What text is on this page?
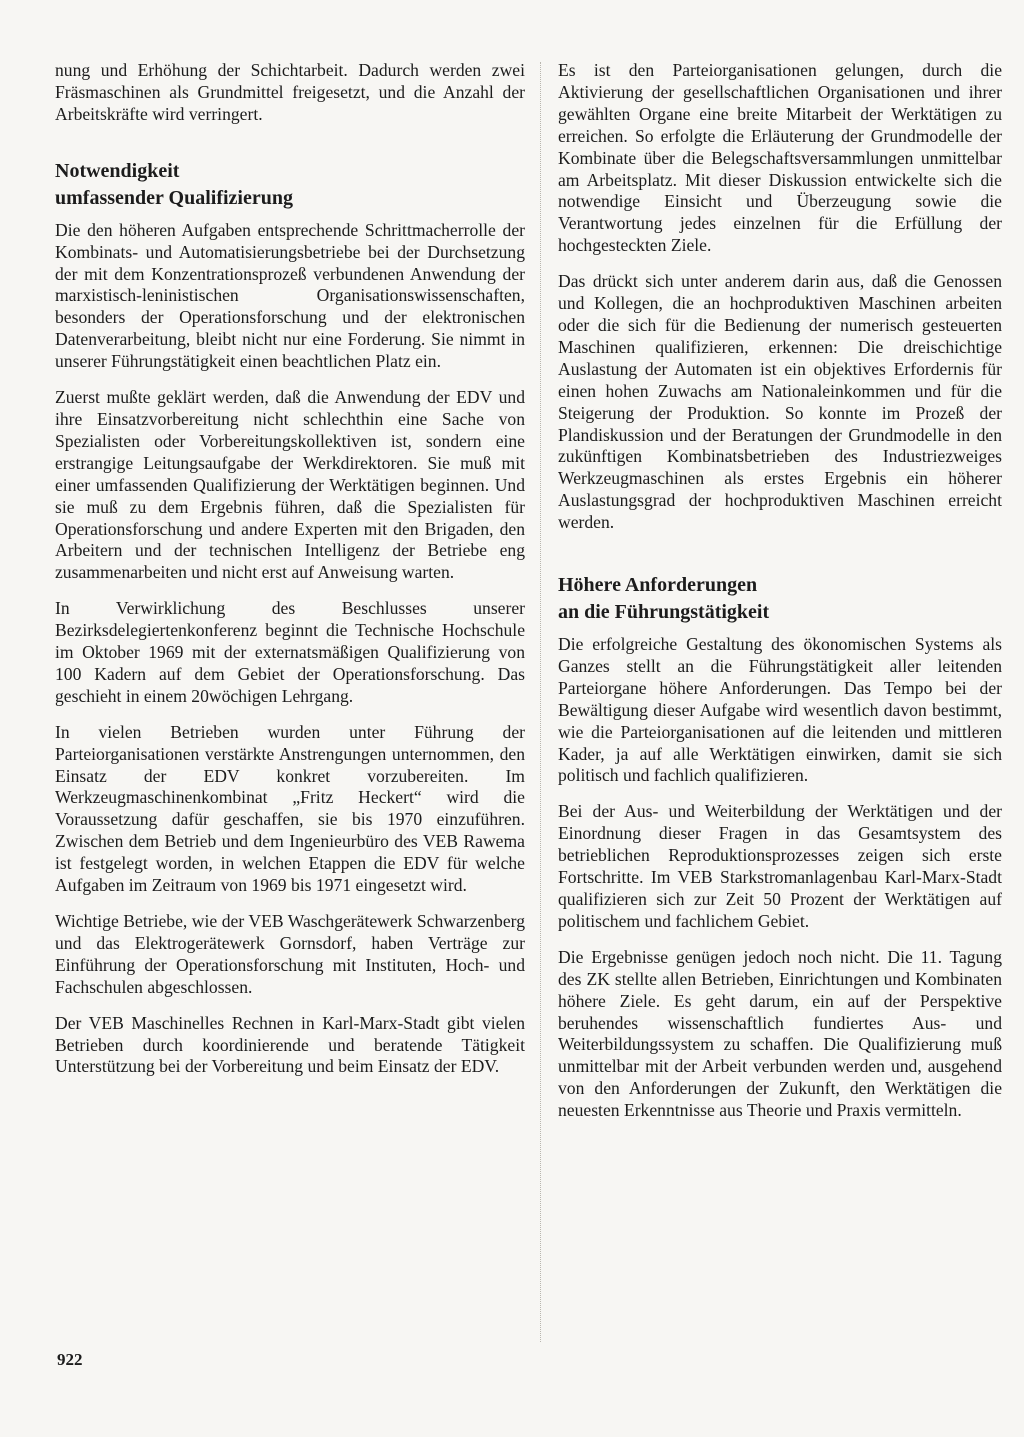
nung und Erhöhung der Schichtarbeit. Dadurch werden zwei Fräsmaschinen als Grundmittel freigesetzt, und die Anzahl der Arbeitskräfte wird verringert.

Notwendigkeit
umfassender Qualifizierung

Die den höheren Aufgaben entsprechende Schrittmacherrolle der Kombinats- und Automatisierungsbetriebe bei der Durchsetzung der mit dem Konzentrationsprozeß verbundenen Anwendung der marxistisch-leninistischen Organisationswissenschaften, besonders der Operationsforschung und der elektronischen Datenverarbeitung, bleibt nicht nur eine Forderung. Sie nimmt in unserer Führungstätigkeit einen beachtlichen Platz ein.

Zuerst mußte geklärt werden, daß die Anwendung der EDV und ihre Einsatzvorbereitung nicht schlechthin eine Sache von Spezialisten oder Vorbereitungskollektiven ist, sondern eine erstrangige Leitungsaufgabe der Werkdirektoren. Sie muß mit einer umfassenden Qualifizierung der Werktätigen beginnen. Und sie muß zu dem Ergebnis führen, daß die Spezialisten für Operationsforschung und andere Experten mit den Brigaden, den Arbeitern und der technischen Intelligenz der Betriebe eng zusammenarbeiten und nicht erst auf Anweisung warten.

In Verwirklichung des Beschlusses unserer Bezirksdelegiertenkonferenz beginnt die Technische Hochschule im Oktober 1969 mit der externatsmäßigen Qualifizierung von 100 Kadern auf dem Gebiet der Operationsforschung. Das geschieht in einem 20wöchigen Lehrgang.

In vielen Betrieben wurden unter Führung der Parteiorganisationen verstärkte Anstrengungen unternommen, den Einsatz der EDV konkret vorzubereiten. Im Werkzeugmaschinenkombinat „Fritz Heckert“ wird die Voraussetzung dafür geschaffen, sie bis 1970 einzuführen. Zwischen dem Betrieb und dem Ingenieurbüro des VEB Rawema ist festgelegt worden, in welchen Etappen die EDV für welche Aufgaben im Zeitraum von 1969 bis 1971 eingesetzt wird.

Wichtige Betriebe, wie der VEB Waschgerätewerk Schwarzenberg und das Elektrogerätewerk Gornsdorf, haben Verträge zur Einführung der Operationsforschung mit Instituten, Hoch- und Fachschulen abgeschlossen.

Der VEB Maschinelles Rechnen in Karl-Marx-Stadt gibt vielen Betrieben durch koordinierende und beratende Tätigkeit Unterstützung bei der Vorbereitung und beim Einsatz der EDV.

Es ist den Parteiorganisationen gelungen, durch die Aktivierung der gesellschaftlichen Organisationen und ihrer gewählten Organe eine breite Mitarbeit der Werktätigen zu erreichen. So erfolgte die Erläuterung der Grundmodelle der Kombinate über die Belegschaftsversammlungen unmittelbar am Arbeitsplatz. Mit dieser Diskussion entwickelte sich die notwendige Einsicht und Überzeugung sowie die Verantwortung jedes einzelnen für die Erfüllung der hochgesteckten Ziele.

Das drückt sich unter anderem darin aus, daß die Genossen und Kollegen, die an hochproduktiven Maschinen arbeiten oder die sich für die Bedienung der numerisch gesteuerten Maschinen qualifizieren, erkennen: Die dreischichtige Auslastung der Automaten ist ein objektives Erfordernis für einen hohen Zuwachs am Nationaleinkommen und für die Steigerung der Produktion. So konnte im Prozeß der Plandiskussion und der Beratungen der Grundmodelle in den zukünftigen Kombinatsbetrieben des Industriezweiges Werkzeugmaschinen als erstes Ergebnis ein höherer Auslastungsgrad der hochproduktiven Maschinen erreicht werden.

Höhere Anforderungen
an die Führungstätigkeit

Die erfolgreiche Gestaltung des ökonomischen Systems als Ganzes stellt an die Führungstätigkeit aller leitenden Parteiorgane höhere Anforderungen. Das Tempo bei der Bewältigung dieser Aufgabe wird wesentlich davon bestimmt, wie die Parteiorganisationen auf die leitenden und mittleren Kader, ja auf alle Werktätigen einwirken, damit sie sich politisch und fachlich qualifizieren.

Bei der Aus- und Weiterbildung der Werktätigen und der Einordnung dieser Fragen in das Gesamtsystem des betrieblichen Reproduktionsprozesses zeigen sich erste Fortschritte. Im VEB Starkstromanlagenbau Karl-Marx-Stadt qualifizieren sich zur Zeit 50 Prozent der Werktätigen auf politischem und fachlichem Gebiet.

Die Ergebnisse genügen jedoch noch nicht. Die 11. Tagung des ZK stellte allen Betrieben, Einrichtungen und Kombinaten höhere Ziele. Es geht darum, ein auf der Perspektive beruhendes wissenschaftlich fundiertes Aus- und Weiterbildungssystem zu schaffen. Die Qualifizierung muß unmittelbar mit der Arbeit verbunden werden und, ausgehend von den Anforderungen der Zukunft, den Werktätigen die neuesten Erkenntnisse aus Theorie und Praxis vermitteln.

922
